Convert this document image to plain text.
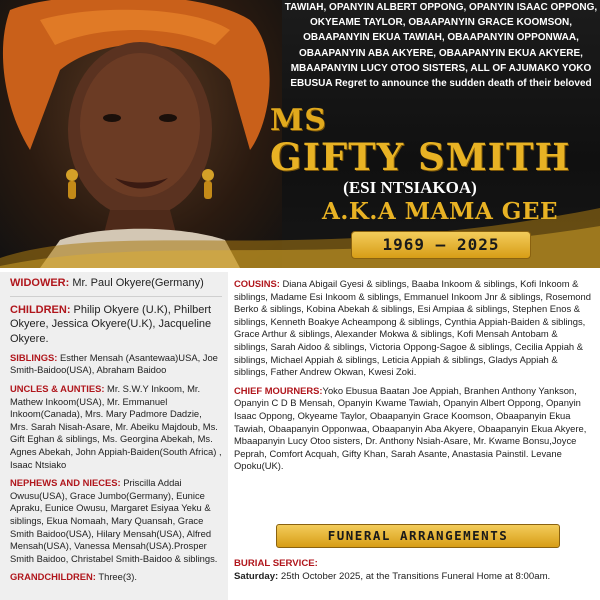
TAWIAH, OPANYIN ALBERT OPPONG, OPANYIN ISAAC OPPONG, OKYEAME TAYLOR, OBAAPANYIN GRACE KOOMSON, OBAAPANYIN EKUA TAWIAH, OBAAPANYIN OPPONWAA, OBAAPANYIN ABA AKYERE, OBAAPANYIN EKUA AKYERE, MBAAPANYIN LUCY OTOO SISTERS, ALL OF AJUMAKO YOKO EBUSUA Regret to announce the sudden death of their beloved

MS

GIFTY SMITH

(ESI NTSIAKOA)

A.K.A MAMA GEE

1969 – 2025

WIDOWER: Mr. Paul Okyere(Germany)

CHILDREN: Philip Okyere (U.K), Philbert Okyere, Jessica Okyere(U.K), Jacqueline Okyere.

SIBLINGS: Esther Mensah (Asantewaa)USA, Joe Smith-Baidoo(USA), Abraham Baidoo

UNCLES & AUNTIES: Mr. S.W.Y Inkoom, Mr. Mathew Inkoom(USA), Mr. Emmanuel Inkoom(Canada), Mrs. Mary Padmore Dadzie, Mrs. Sarah Nisah-Asare, Mr. Abeiku Majdoub, Ms. Gift Eghan & siblings, Ms. Georgina Abekah, Ms. Agnes Abekah, John Appiah-Baiden(South Africa) , Isaac Ntsiako

NEPHEWS AND NIECES: Priscilla Addai Owusu(USA), Grace Jumbo(Germany), Eunice Apraku, Eunice Owusu, Margaret Esiyaa Yeku & siblings, Ekua Nomaah, Mary Quansah, Grace Smith Baidoo(USA), Hilary Mensah(USA), Alfred Mensah(USA), Vanessa Mensah(USA).Prosper Smith Baidoo, Christabel Smith-Baidoo & siblings.

GRANDCHILDREN: Three(3).

COUSINS: Diana Abigail Gyesi & siblings, Baaba Inkoom & siblings, Kofi Inkoom & siblings, Madame Esi Inkoom & siblings, Emmanuel Inkoom Jnr & siblings, Rosemond Berko & siblings, Kobina Abekah & siblings, Esi Ampiaa & siblings, Stephen Enos & siblings, Kenneth Boakye Acheampong & siblings, Cynthia Appiah-Baiden & siblings, Grace Arthur & siblings, Alexander Mokwa & siblings, Kofi Mensah Antobam & siblings, Sarah Aidoo & siblings, Victoria Oppong-Sagoe & siblings, Cecilia Appiah & siblings, Michael Appiah & siblings, Leticia Appiah & siblings, Gladys Appiah & siblings, Father Andrew Okwan, Kwesi Zoki.

CHIEF MOURNERS:Yoko Ebusua Baatan Joe Appiah, Branhen Anthony Yankson, Opanyin C D B Mensah, Opanyin Kwame Tawiah, Opanyin Albert Oppong, Opanyin Isaac Oppong, Okyeame Taylor, Obaapanyin Grace Koomson, Obaapanyin Ekua Tawiah, Obaapanyin Opponwaa, Obaapanyin Aba Akyere, Obaapanyin Ekua Akyere, Mbaapanyin Lucy Otoo sisters, Dr. Anthony Nsiah-Asare, Mr. Kwame Bonsu,Joyce Peprah, Comfort Acquah, Gifty Khan, Sarah Asante, Anastasia Painstil. Levane Opoku(UK).

FUNERAL ARRANGEMENTS
BURIAL SERVICE:
Saturday: 25th October 2025, at the Transitions Funeral Home at 8:00am.
